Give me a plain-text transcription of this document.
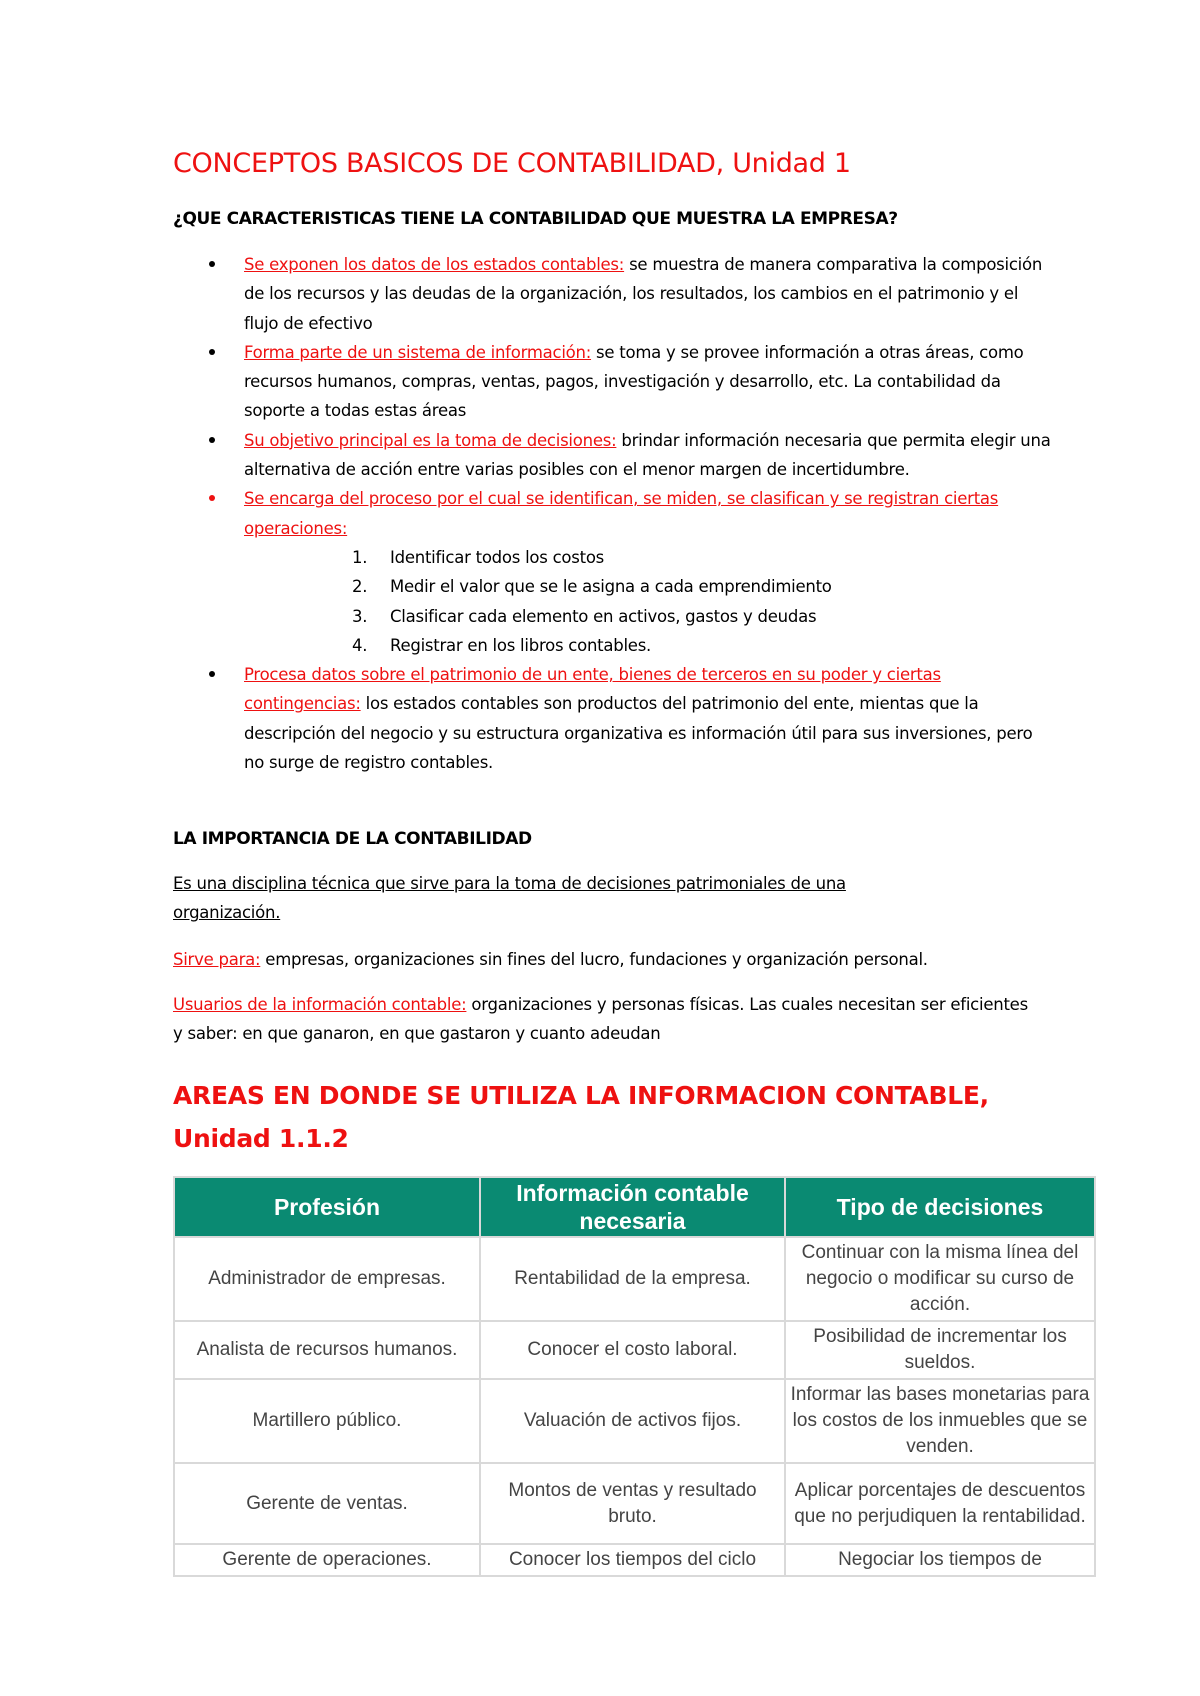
CONCEPTOS BASICOS DE CONTABILIDAD, Unidad 1
¿QUE CARACTERISTICAS TIENE LA CONTABILIDAD QUE MUESTRA LA EMPRESA?
Se exponen los datos de los estados contables: se muestra de manera comparativa la composición de los recursos y las deudas de la organización, los resultados, los cambios en el patrimonio y el flujo de efectivo
Forma parte de un sistema de información: se toma y se provee información a otras áreas, como recursos humanos, compras, ventas, pagos, investigación y desarrollo, etc. La contabilidad da soporte a todas estas áreas
Su objetivo principal es la toma de decisiones: brindar información necesaria que permita elegir una alternativa de acción entre varias posibles con el menor margen de incertidumbre.
Se encarga del proceso por el cual se identifican, se miden, se clasifican y se registran ciertas operaciones:
1. Identificar todos los costos
2. Medir el valor que se le asigna a cada emprendimiento
3. Clasificar cada elemento en activos, gastos y deudas
4. Registrar en los libros contables.
Procesa datos sobre el patrimonio de un ente, bienes de terceros en su poder y ciertas contingencias: los estados contables son productos del patrimonio del ente, mientas que la descripción del negocio y su estructura organizativa es información útil para sus inversiones, pero no surge de registro contables.
LA IMPORTANCIA DE LA CONTABILIDAD

Es una disciplina técnica que sirve para la toma de decisiones patrimoniales de una organización.

Sirve para: empresas, organizaciones sin fines del lucro, fundaciones y organización personal.

Usuarios de la información contable: organizaciones y personas físicas. Las cuales necesitan ser eficientes y saber: en que ganaron, en que gastaron y cuanto adeudan

AREAS EN DONDE SE UTILIZA LA INFORMACION CONTABLE, Unidad 1.1.2
Profesión	Información contable necesaria	Tipo de decisiones
Administrador de empresas.	Rentabilidad de la empresa.	Continuar con la misma línea del negocio o modificar su curso de acción.
Analista de recursos humanos.	Conocer el costo laboral.	Posibilidad de incrementar los sueldos.
Martillero público.	Valuación de activos fijos.	Informar las bases monetarias para los costos de los inmuebles que se venden.
Gerente de ventas.	Montos de ventas y resultado bruto.	Aplicar porcentajes de descuentos que no perjudiquen la rentabilidad.
Gerente de operaciones.	Conocer los tiempos del ciclo	Negociar los tiempos de
